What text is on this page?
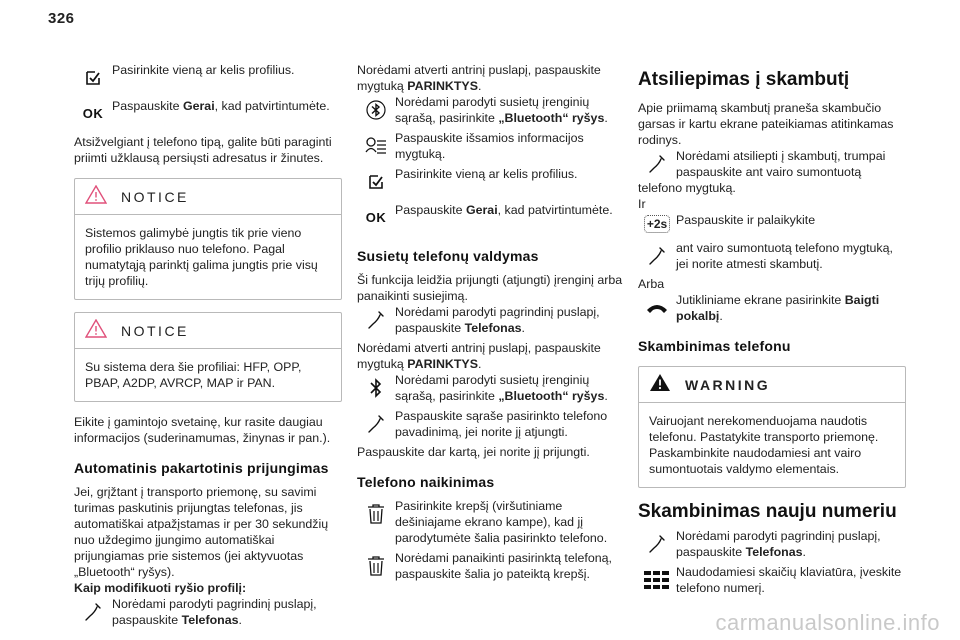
326
Pasirinkite vieną ar kelis profilius.
OK Paspauskite Gerai, kad patvirtintumėte.

Atsižvelgiant į telefono tipą, galite būti paraginti priimti užklausą persiųsti adresatus ir žinutes.

NOTICE
Sistemos galimybė jungtis tik prie vieno profilio priklauso nuo telefono. Pagal numatytąją parinktį galima jungtis prie visų trijų profilių.
NOTICE
Su sistema dera šie profiliai: HFP, OPP, PBAP, A2DP, AVRCP, MAP ir PAN.

Eikite į gamintojo svetainę, kur rasite daugiau informacijos (suderinamumas, žinynas ir pan.).

Automatinis pakartotinis prijungimas

Jei, grįžtant į transporto priemonę, su savimi turimas paskutinis prijungtas telefonas, jis automatiškai atpažįstamas ir per 30 sekundžių nuo uždegimo įjungimo automatiškai prijungiamas prie sistemos (jei aktyvuotas „Bluetooth“ ryšys).

Kaip modifikuoti ryšio profilį:

Norėdami parodyti pagrindinį puslapį, paspauskite Telefonas.

Norėdami atverti antrinį puslapį, paspauskite mygtuką PARINKTYS.

Norėdami parodyti susietų įrenginių sąrašą, pasirinkite „Bluetooth“ ryšys.
Paspauskite išsamios informacijos mygtuką.
Pasirinkite vieną ar kelis profilius.
OK Paspauskite Gerai, kad patvirtintumėte.
Susietų telefonų valdymas

Ši funkcija leidžia prijungti (atjungti) įrenginį arba panaikinti susiejimą.

Norėdami parodyti pagrindinį puslapį, paspauskite Telefonas.

Norėdami atverti antrinį puslapį, paspauskite mygtuką PARINKTYS.

Norėdami parodyti susietų įrenginių sąrašą, pasirinkite „Bluetooth“ ryšys.
Paspauskite sąraše pasirinkto telefono pavadinimą, jei norite jį atjungti.

Paspauskite dar kartą, jei norite jį prijungti.

Telefono naikinimas
Pasirinkite krepšį (viršutiniame dešiniajame ekrano kampe), kad jį parodytumėte šalia pasirinkto telefono.
Norėdami panaikinti pasirinktą telefoną, paspauskite šalia jo pateiktą krepšį.
Atsiliepimas į skambutį

Apie priimamą skambutį praneša skambučio garsas ir kartu ekrane pateikiamas atitinkamas rodinys.

Norėdami atsiliepti į skambutį, trumpai paspauskite ant vairo sumontuotą

telefono mygtuką.

Ir

+2s Paspauskite ir palaikykite
ant vairo sumontuotą telefono mygtuką, jei norite atmesti skambutį.

Arba

Jutikliniame ekrane pasirinkite Baigti pokalbį.
Skambinimas telefonu
WARNING
Vairuojant nerekomenduojama naudotis telefonu. Pastatykite transporto priemonę. Paskambinkite naudodamiesi ant vairo sumontuotais valdymo elementais.
Skambinimas nauju numeriu
Norėdami parodyti pagrindinį puslapį, paspauskite Telefonas.
Naudodamiesi skaičių klaviatūra, įveskite telefono numerį.
carmanualsonline.info
